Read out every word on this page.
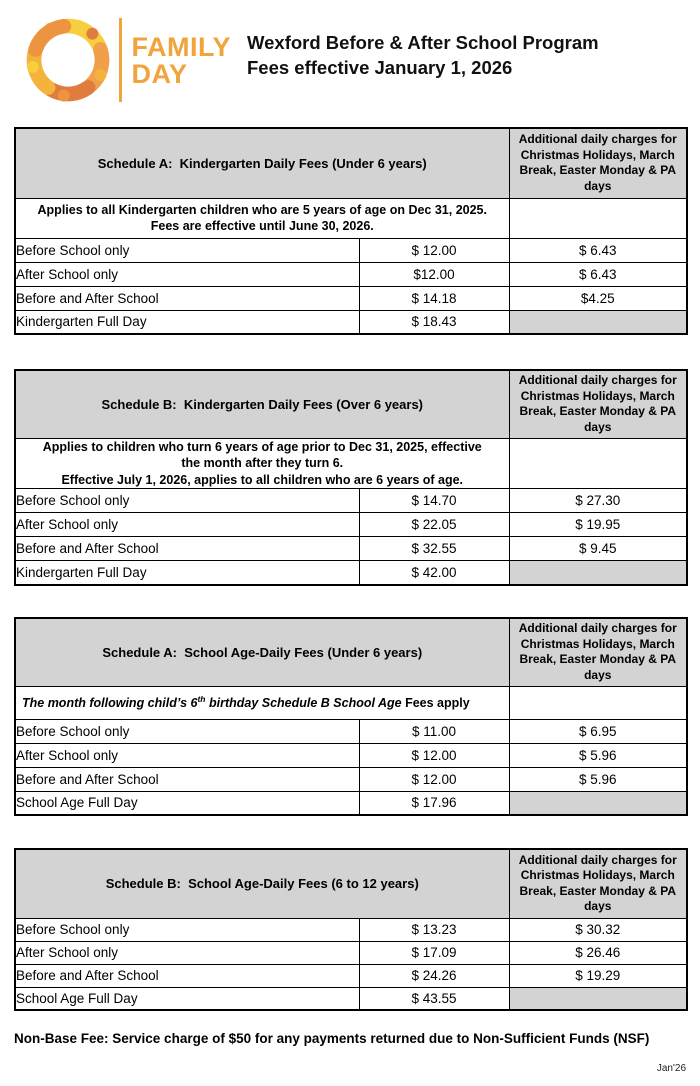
FAMILY
DAY
Wexford Before & After School Program
Fees effective January 1, 2026
Schedule A:  Kindergarten Daily Fees (Under 6 years)		Additional daily charges for Christmas Holidays, March Break, Easter Monday & PA days

Applies to all Kindergarten children who are 5 years of age on Dec 31, 2025.
Fees are effective until June 30, 2026.		

Before School only	$ 12.00	$ 6.43
After School only	$12.00	$ 6.43
Before and After School	$ 14.18	$4.25
Kindergarten Full Day	$ 18.43	
Schedule B:  Kindergarten Daily Fees (Over 6 years)		Additional daily charges for Christmas Holidays, March Break, Easter Monday & PA days

Applies to children who turn 6 years of age prior to Dec 31, 2025, effective
the month after they turn 6.
Effective July 1, 2026, applies to all children who are 6 years of age.		

Before School only	$ 14.70	$ 27.30
After School only	$ 22.05	$ 19.95
Before and After School	$ 32.55	$ 9.45
Kindergarten Full Day	$ 42.00	
Schedule A:  School Age-Daily Fees (Under 6 years)		Additional daily charges for Christmas Holidays, March Break, Easter Monday & PA days
The month following child’s 6th birthday Schedule B School Age Fees apply		
Before School only	$ 11.00	$ 6.95
After School only	$ 12.00	$ 5.96
Before and After School	$ 12.00	$ 5.96
School Age Full Day	$ 17.96	
Schedule B:  School Age-Daily Fees (6 to 12 years)		Additional daily charges for Christmas Holidays, March Break, Easter Monday & PA days
Before School only	$ 13.23	$ 30.32
After School only	$ 17.09	$ 26.46
Before and After School	$ 24.26	$ 19.29
School Age Full Day	$ 43.55	
Non-Base Fee: Service charge of $50 for any payments returned due to Non-Sufficient Funds (NSF)
Jan'26
